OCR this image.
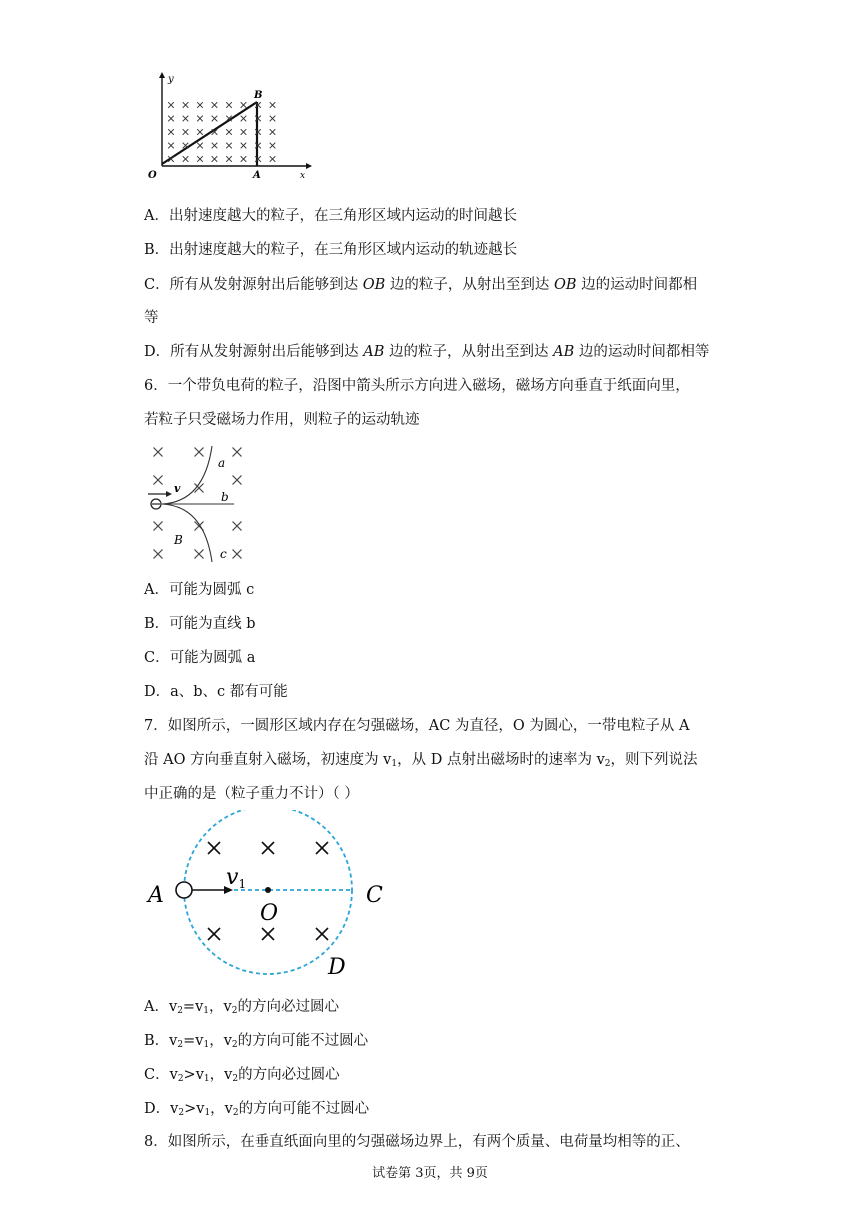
y
O	A
B
x
A．出射速度越大的粒子，在三角形区域内运动的时间越长
B．出射速度越大的粒子，在三角形区域内运动的轨迹越长
C．所有从发射源射出后能够到达 OB 边的粒子，从射出至到达 OB 边的运动时间都相
等
D．所有从发射源射出后能够到达 AB 边的粒子，从射出至到达 AB 边的运动时间都相等
6．一个带负电荷的粒子，沿图中箭头所示方向进入磁场，磁场方向垂直于纸面向里，
若粒子只受磁场力作用，则粒子的运动轨迹
v
a
b
c
B
A．可能为圆弧 c
B．可能为直线 b
C．可能为圆弧 a
D．a、b、c 都有可能
7．如图所示，一圆形区域内存在匀强磁场，AC 为直径，O 为圆心，一带电粒子从 A
沿 AO 方向垂直射入磁场，初速度为 $v_1$，从 D 点射出磁场时的速率为 $v_2$，则下列说法
中正确的是（粒子重力不计）（ ）
A	C
O
D
v1
A．$v_2=v_1$，$v_2$的方向必过圆心
B．$v_2=v_1$，$v_2$的方向可能不过圆心
C．$v_2>v_1$，$v_2$的方向必过圆心
D．$v_2>v_1$，$v_2$的方向可能不过圆心
8．如图所示，在垂直纸面向里的匀强磁场边界上，有两个质量、电荷量均相等的正、
试卷第 3页，共 9页
